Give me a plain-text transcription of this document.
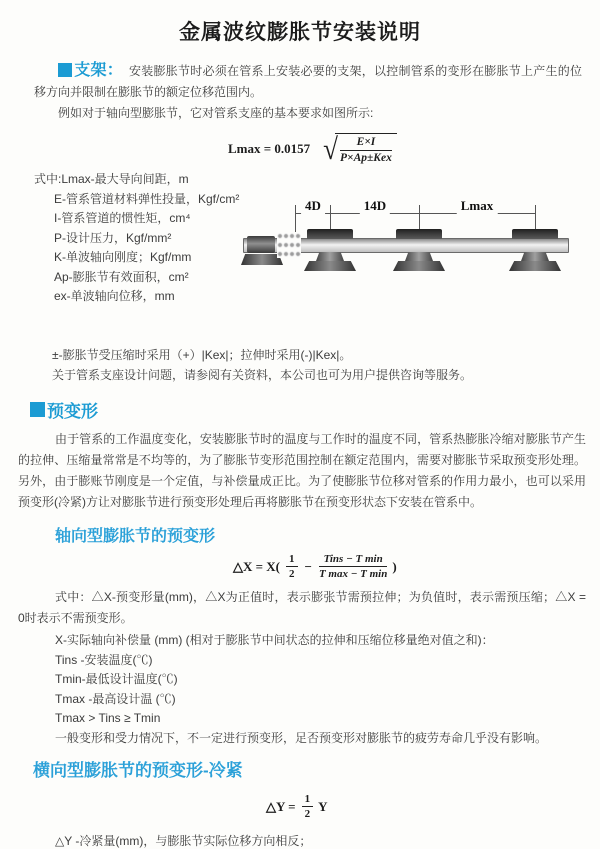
金属波纹膨胀节安装说明

支架： 安装膨胀节时必须在管系上安装必要的支架，以控制管系的变形在膨胀节上产生的位移方向并限制在膨胀节的额定位移范围内。

例如对于轴向型膨胀节，它对管系支座的基本要求如图所示:

Lmax = 0.0157 √
$\frac{E\times I}{\text{P×Ap±Kex}}$
式中:Lmax-最大导向间距，m
E-管系管道材料弹性投量，Kgf/cm²
I-管系管道的惯性矩，cm⁴
P-设计压力，Kgf/mm²
K-单波轴向刚度；Kgf/mm
Ap-膨胀节有效面积，cm²
ex-单波轴向位移，mm
4D	14D	Lmax
±-膨胀节受压缩时采用（+）|Kex|；拉伸时采用(-)|Kex|。
关于管系支座设计问题，请参阅有关资料，本公司也可为用户提供咨询等服务。
预变形

由于管系的工作温度变化，安装膨胀节时的温度与工作时的温度不同，管系热膨胀冷缩对膨胀节产生的拉伸、压缩量常常是不均等的，为了膨胀节变形范围控制在额定范围内，需要对膨胀节采取预变形处理。另外，由于膨账节刚度是一个定值，与补偿量成正比。为了使膨胀节位移对管系的作用力最小，也可以采用预变形(冷紧)方让对膨胀节进行预变形处理后再将膨胀节在预变形状态下安装在管系中。

轴向型膨胀节的预变形
△X = $X( \frac{1}{2} - \frac{\text{Tins − T min}}{\text{T max − T min}}$ )

式中：△X-预变形量(mm)，△X为正值时，表示膨张节需预拉伸；为负值时，表示需预压缩；△X = 0时表示不需预变形。

X-实际轴向补偿量 (mm) (相对于膨胀节中间状态的拉伸和压缩位移量绝对值之和)：
Tins -安装温度(℃)
Tmin-最低设计温度(℃)
Tmax -最高设计温 (℃)
Tmax > Tins ≥ Tmin
一般变形和受力情况下，不一定进行预变形，足否预变形对膨胀节的疲劳寿命几乎没有影响。
横向型膨胀节的预变形-冷紧
△Y = $\frac{1}{2}$ Y

△Y -冷紧量(mm)，与膨胀节实际位移方向相反；
